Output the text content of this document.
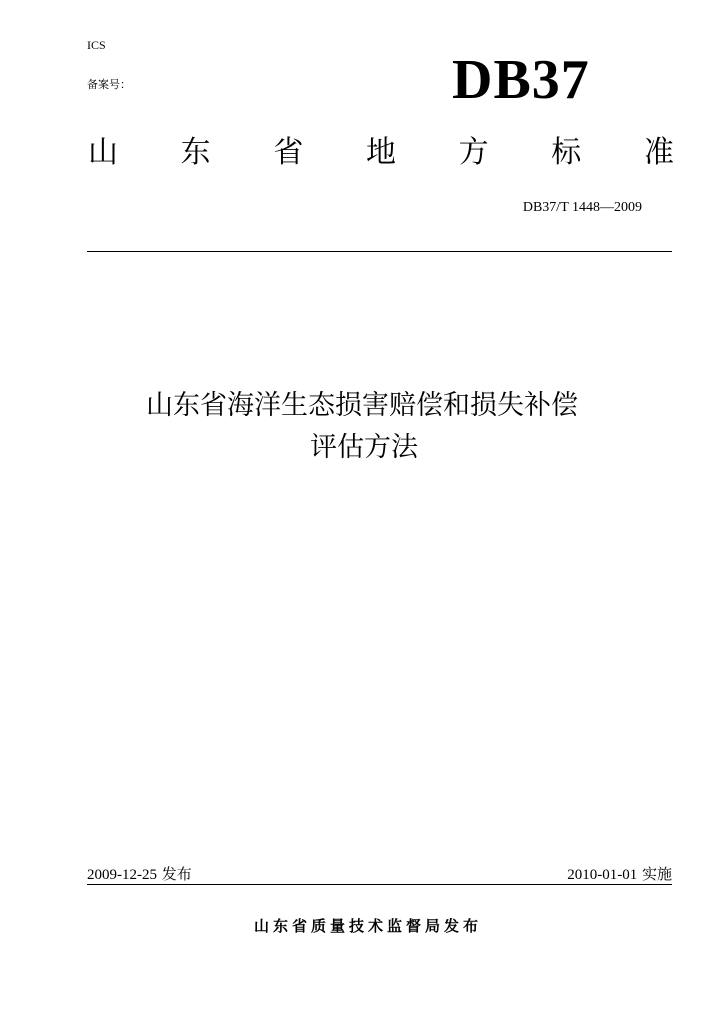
ICS
备案号：	DB37
山 东 省 地 方 标 准
DB37/T 1448—2009
山东省海洋生态损害赔偿和损失补偿
评估方法
2009-12-25 发布	2010-01-01 实施
山东省质量技术监督局发布
